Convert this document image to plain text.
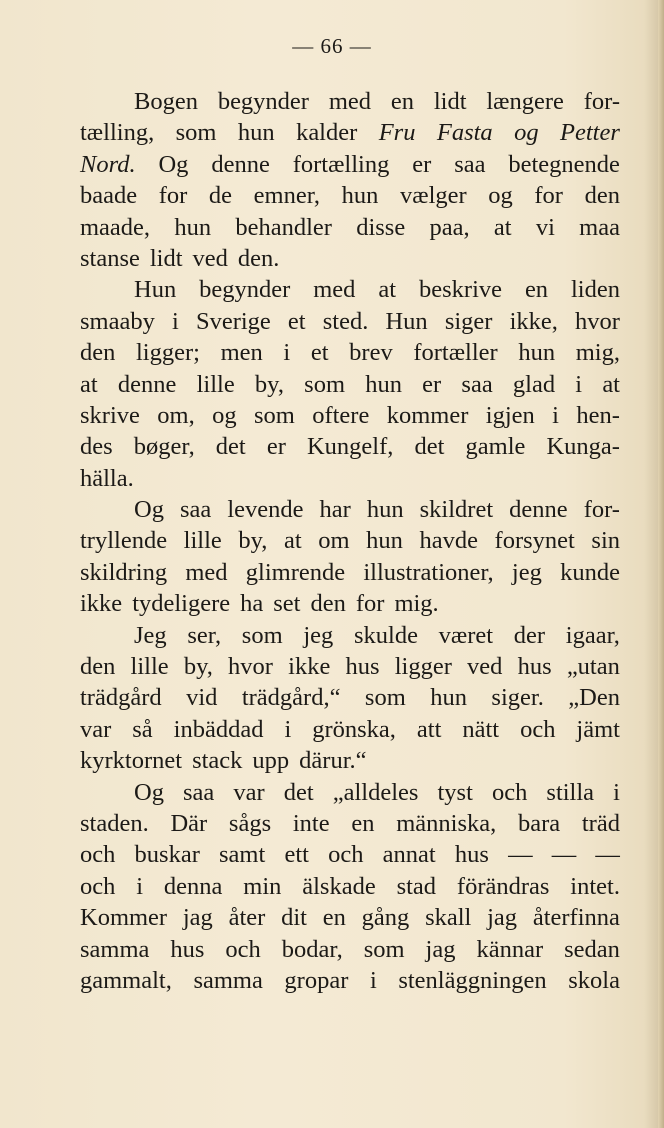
— 66 —
Bogen begynder med en lidt længere for-
tælling, som hun kalder Fru Fasta og Petter
Nord. Og denne fortælling er saa betegnende
baade for de emner, hun vælger og for den
maade, hun behandler disse paa, at vi maa
stanse lidt ved den.
Hun begynder med at beskrive en liden
smaaby i Sverige et sted. Hun siger ikke, hvor
den ligger; men i et brev fortæller hun mig,
at denne lille by, som hun er saa glad i at
skrive om, og som oftere kommer igjen i hen-
des bøger, det er Kungelf, det gamle Kunga-
hälla.
Og saa levende har hun skildret denne for-
tryllende lille by, at om hun havde forsynet sin
skildring med glimrende illustrationer, jeg kunde
ikke tydeligere ha set den for mig.
Jeg ser, som jeg skulde været der igaar,
den lille by, hvor ikke hus ligger ved hus „utan
trädgård vid trädgård,“ som hun siger. „Den
var så inbäddad i grönska, att nätt och jämt
kyrktornet stack upp därur.“
Og saa var det „alldeles tyst och stilla i
staden. Där sågs inte en människa, bara träd
och buskar samt ett och annat hus — — —
och i denna min älskade stad förändras intet.
Kommer jag åter dit en gång skall jag återfinna
samma hus och bodar, som jag kännar sedan
gammalt, samma gropar i stenläggningen skola
